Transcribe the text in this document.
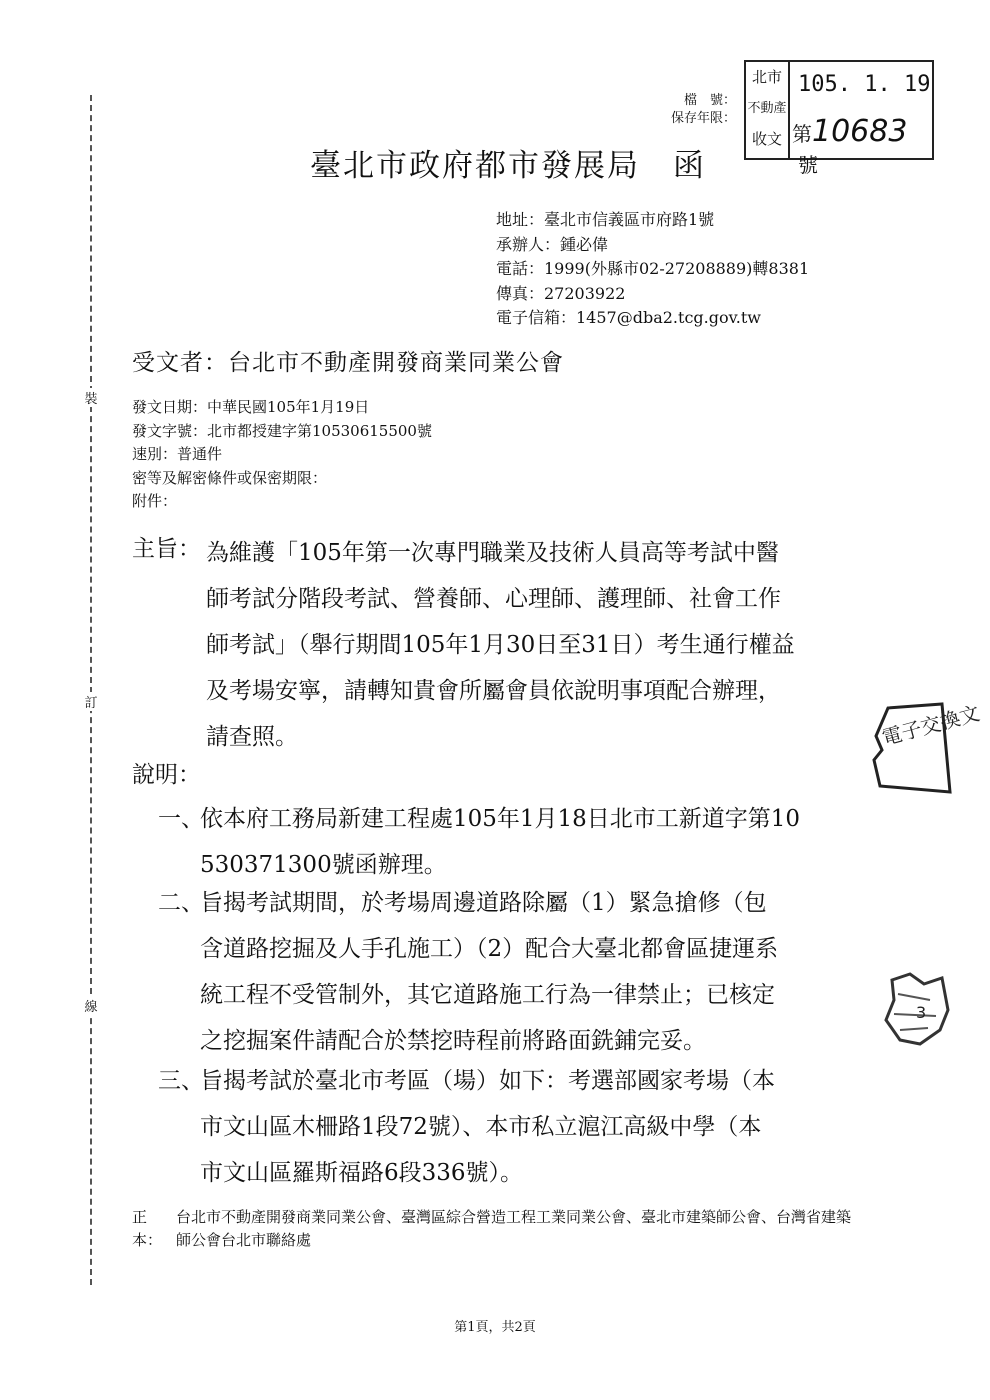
裝
訂
線
檔　號：
保存年限：
北市
不動產
收文
105. 1. 19
第10683號
臺北市政府都市發展局　函
地址：臺北市信義區市府路1號
承辦人：鍾必偉
電話：1999(外縣市02-27208889)轉8381
傳真：27203922
電子信箱：1457@dba2.tcg.gov.tw
受文者：台北市不動產開發商業同業公會
發文日期：中華民國105年1月19日
發文字號：北市都授建字第10530615500號
速別：普通件
密等及解密條件或保密期限：
附件：
主旨： 為維護「105年第一次專門職業及技術人員高等考試中醫
師考試分階段考試、營養師、心理師、護理師、社會工作
師考試」（舉行期間105年1月30日至31日）考生通行權益
及考場安寧，請轉知貴會所屬會員依說明事項配合辦理，
請查照。
說明：
一、
依本府工務局新建工程處105年1月18日北市工新道字第10
530371300號函辦理。
二、
旨揭考試期間，於考場周邊道路除屬（1）緊急搶修（包
含道路挖掘及人手孔施工）（2）配合大臺北都會區捷運系
統工程不受管制外，其它道路施工行為一律禁止；已核定
之挖掘案件請配合於禁挖時程前將路面銑鋪完妥。
三、
旨揭考試於臺北市考區（場）如下：考選部國家考場（本
市文山區木柵路1段72號）、本市私立滬江高級中學（本
市文山區羅斯福路6段336號）。
正本：
台北市不動產開發商業同業公會、臺灣區綜合營造工程工業同業公會、臺北市建築師公會、台灣省建築師公會台北市聯絡處
電子交換文
3
第1頁，共2頁
